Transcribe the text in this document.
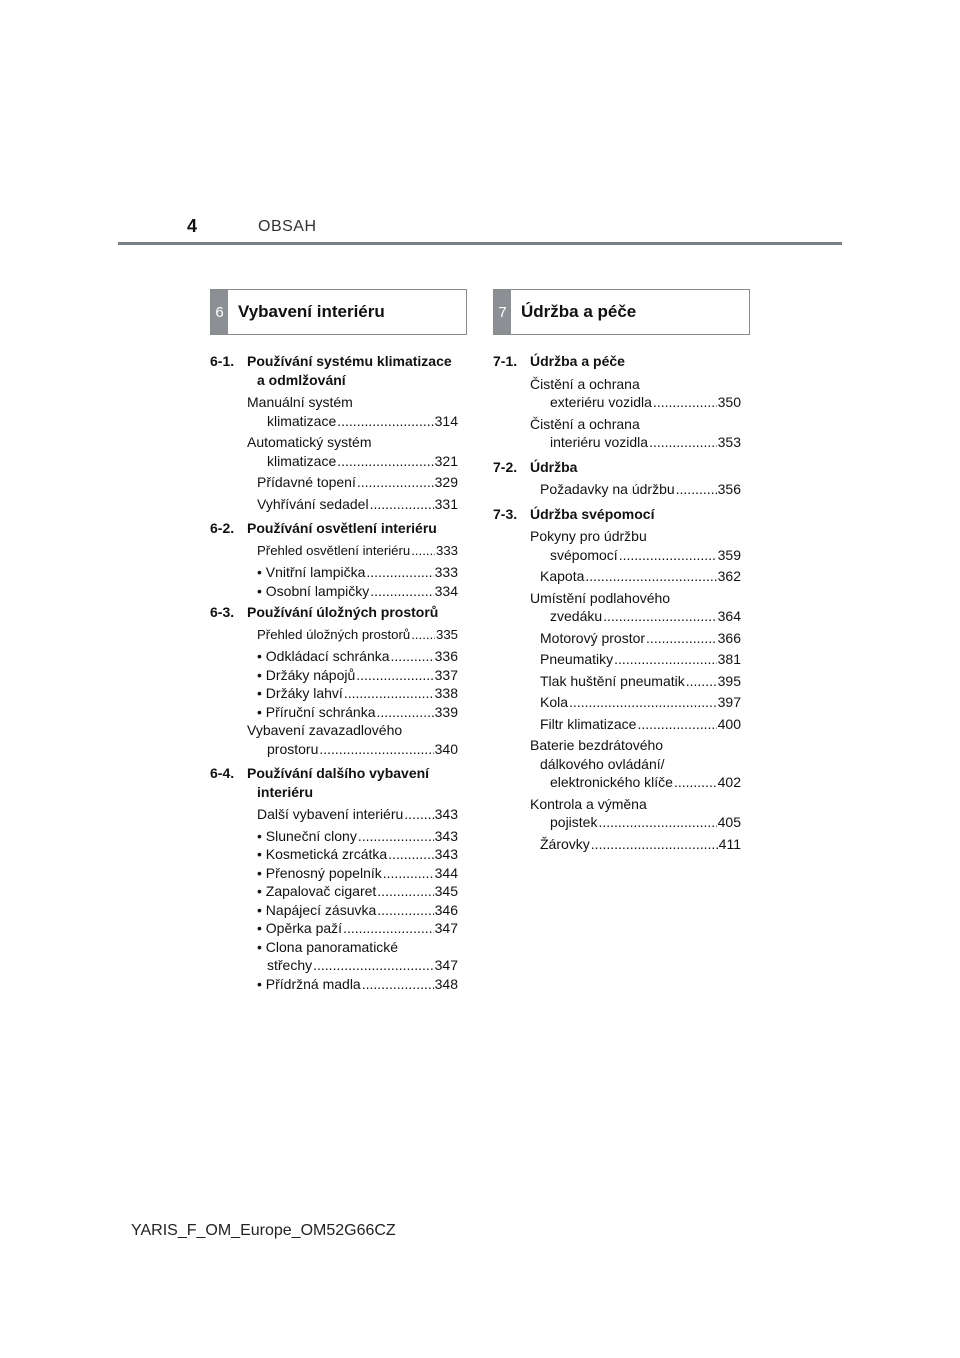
4	OBSAH
6 Vybavení interiéru	7 Údržba a péče
6-1. Používání systému klimatizace a odmlžování
Manuální systém
klimatizace .....	314
Automatický systém
klimatizace .....	321
Přídavné topení .....	329
Vyhřívání sedadel .....	331
6-2. Používání osvětlení interiéru
Přehled osvětlení interiéru ..... 333
• Vnitřní lampička .....	333
• Osobní lampičky .....	334
6-3. Používání úložných prostorů
Přehled úložných prostorů ..... 335
• Odkládací schránka .....	336
• Držáky nápojů .....	337
• Držáky lahví .....	338
• Příruční schránka .....	339
Vybavení zavazadlového
prostoru .....	340
6-4. Používání dalšího vybavení interiéru
Další vybavení interiéru ..... 343
• Sluneční clony .....	343
• Kosmetická zrcátka .....	343
• Přenosný popelník .....	344
• Zapalovač cigaret .....	345
• Napájecí zásuvka .....	346
• Opěrka paží .....	347
• Clona panoramatické
střechy .....	347
• Přídržná madla .....	348
7-1. Údržba a péče
Čistění a ochrana
exteriéru vozidla .....	350
Čistění a ochrana
interiéru vozidla .....	353
7-2. Údržba
Požadavky na údržbu .....	356
7-3. Údržba svépomocí
Pokyny pro údržbu
svépomocí .....	359
Kapota .....	362
Umístění podlahového
zvedáku .....	364
Motorový prostor .....	366
Pneumatiky .....	381
Tlak huštění pneumatik ..... 395
Kola .....	397
Filtr klimatizace .....	400
Baterie bezdrátového
dálkového ovládání/
elektronického klíče .....	402
Kontrola a výměna
pojistek .....	405
Žárovky .....	411
YARIS_F_OM_Europe_OM52G66CZ
